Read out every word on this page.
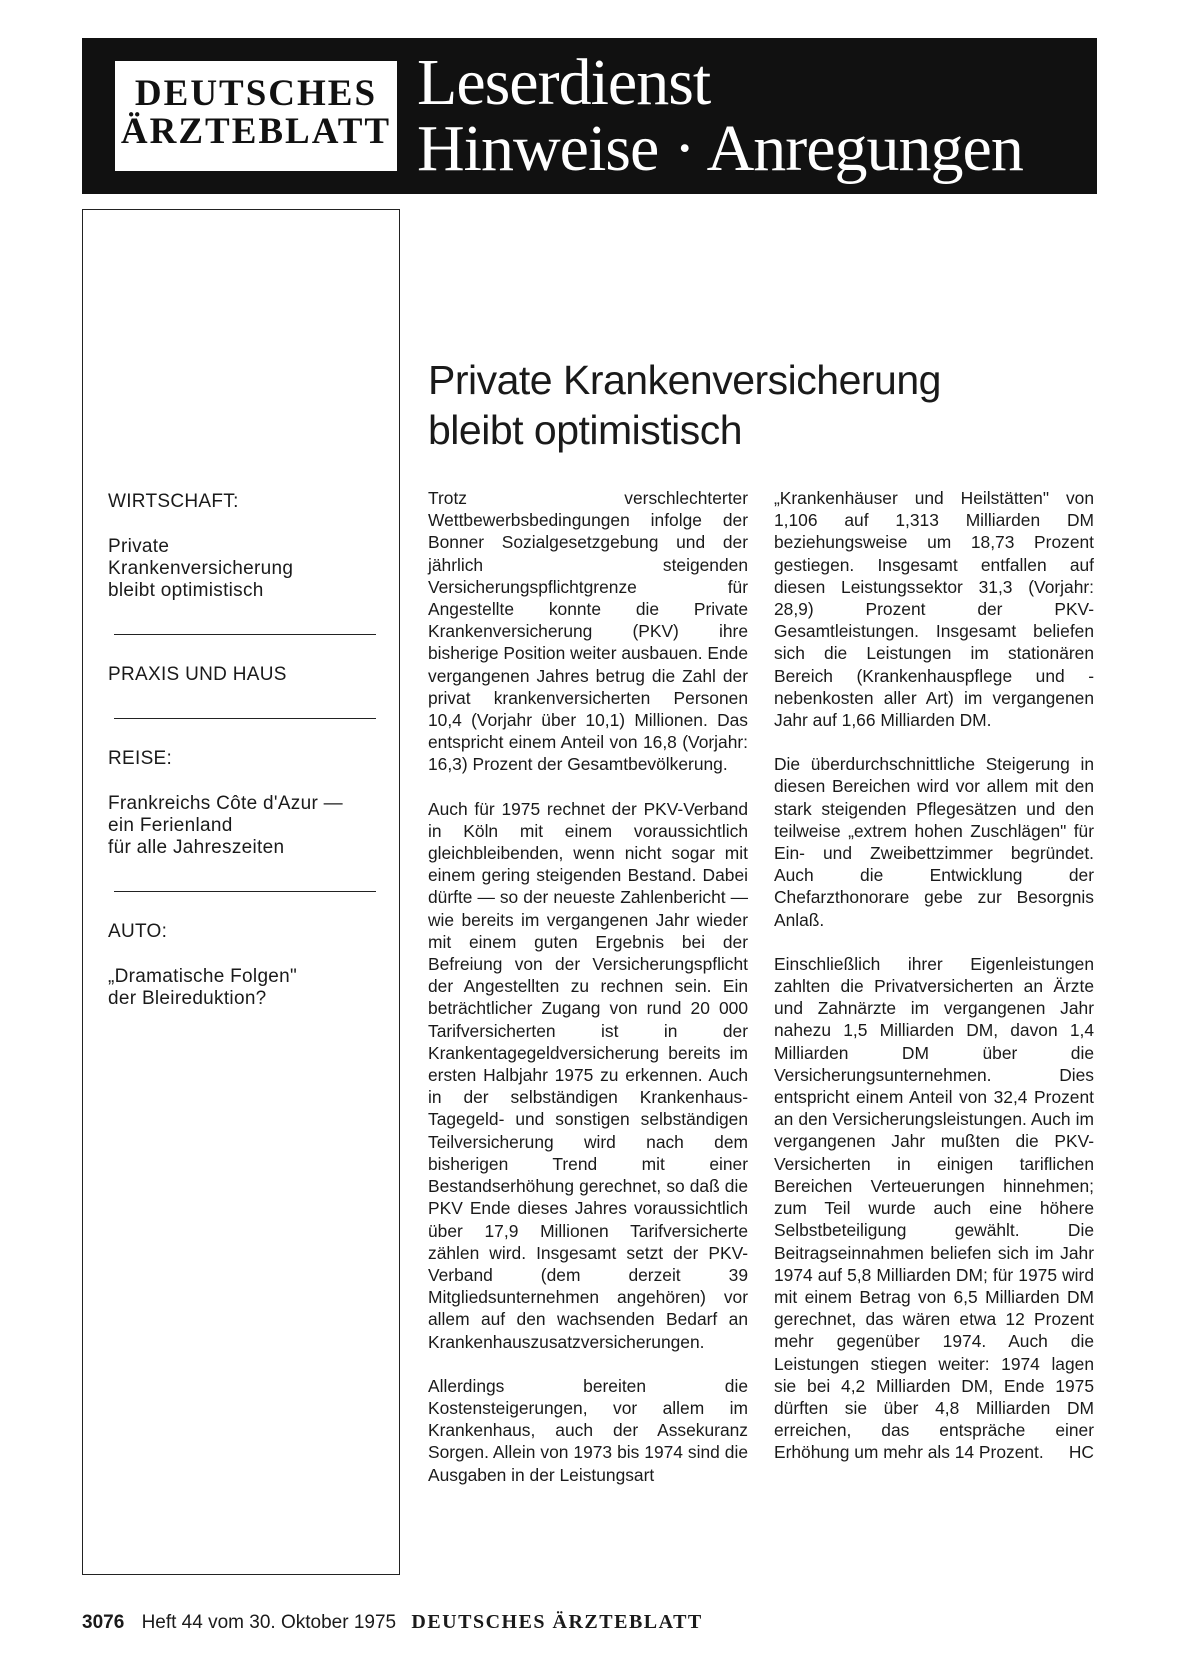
DEUTSCHES
ÄRZTEBLATT
Leserdienst
Hinweise · Anregungen
WIRTSCHAFT:
Private
Krankenversicherung
bleibt optimistisch
PRAXIS UND HAUS
REISE:
Frankreichs Côte d'Azur —
ein Ferienland
für alle Jahreszeiten
AUTO:
„Dramatische Folgen"
der Bleireduktion?
Private Krankenversicherung
bleibt optimistisch

Trotz verschlechterter Wettbewerbsbedingungen infolge der Bonner Sozialgesetzgebung und der jährlich steigenden Versicherungspflichtgrenze für Angestellte konnte die Private Krankenversicherung (PKV) ihre bisherige Position weiter ausbauen. Ende vergangenen Jahres betrug die Zahl der privat krankenversicherten Personen 10,4 (Vorjahr über 10,1) Millionen. Das entspricht einem Anteil von 16,8 (Vorjahr: 16,3) Prozent der Gesamtbevölkerung.

Auch für 1975 rechnet der PKV-Verband in Köln mit einem voraussichtlich gleichbleibenden, wenn nicht sogar mit einem gering steigenden Bestand. Dabei dürfte — so der neueste Zahlenbericht — wie bereits im vergangenen Jahr wieder mit einem guten Ergebnis bei der Befreiung von der Versicherungspflicht der Angestellten zu rechnen sein. Ein beträchtlicher Zugang von rund 20 000 Tarifversicherten ist in der Krankentagegeldversicherung bereits im ersten Halbjahr 1975 zu erkennen. Auch in der selbständigen Krankenhaus-Tagegeld- und sonstigen selbständigen Teilversicherung wird nach dem bisherigen Trend mit einer Bestandserhöhung gerechnet, so daß die PKV Ende dieses Jahres voraussichtlich über 17,9 Millionen Tarifversicherte zählen wird. Insgesamt setzt der PKV-Verband (dem derzeit 39 Mitgliedsunternehmen angehören) vor allem auf den wachsenden Bedarf an Krankenhauszusatzversicherungen.

Allerdings bereiten die Kostensteigerungen, vor allem im Krankenhaus, auch der Assekuranz Sorgen. Allein von 1973 bis 1974 sind die Ausgaben in der Leistungsart

„Krankenhäuser und Heilstätten" von 1,106 auf 1,313 Milliarden DM beziehungsweise um 18,73 Prozent gestiegen. Insgesamt entfallen auf diesen Leistungssektor 31,3 (Vorjahr: 28,9) Prozent der PKV-Gesamtleistungen. Insgesamt beliefen sich die Leistungen im stationären Bereich (Krankenhauspflege und -nebenkosten aller Art) im vergangenen Jahr auf 1,66 Milliarden DM.

Die überdurchschnittliche Steigerung in diesen Bereichen wird vor allem mit den stark steigenden Pflegesätzen und den teilweise „extrem hohen Zuschlägen" für Ein- und Zweibettzimmer begründet. Auch die Entwicklung der Chefarzthonorare gebe zur Besorgnis Anlaß.

Einschließlich ihrer Eigenleistungen zahlten die Privatversicherten an Ärzte und Zahnärzte im vergangenen Jahr nahezu 1,5 Milliarden DM, davon 1,4 Milliarden DM über die Versicherungsunternehmen. Dies entspricht einem Anteil von 32,4 Prozent an den Versicherungsleistungen. Auch im vergangenen Jahr mußten die PKV-Versicherten in einigen tariflichen Bereichen Verteuerungen hinnehmen; zum Teil wurde auch eine höhere Selbstbeteiligung gewählt. Die Beitragseinnahmen beliefen sich im Jahr 1974 auf 5,8 Milliarden DM; für 1975 wird mit einem Betrag von 6,5 Milliarden DM gerechnet, das wären etwa 12 Prozent mehr gegenüber 1974. Auch die Leistungen stiegen weiter: 1974 lagen sie bei 4,2 Milliarden DM, Ende 1975 dürften sie über 4,8 Milliarden DM erreichen, das entspräche einer Erhöhung um mehr als 14 Prozent. HC

3076 Heft 44 vom 30. Oktober 1975 DEUTSCHES ÄRZTEBLATT
